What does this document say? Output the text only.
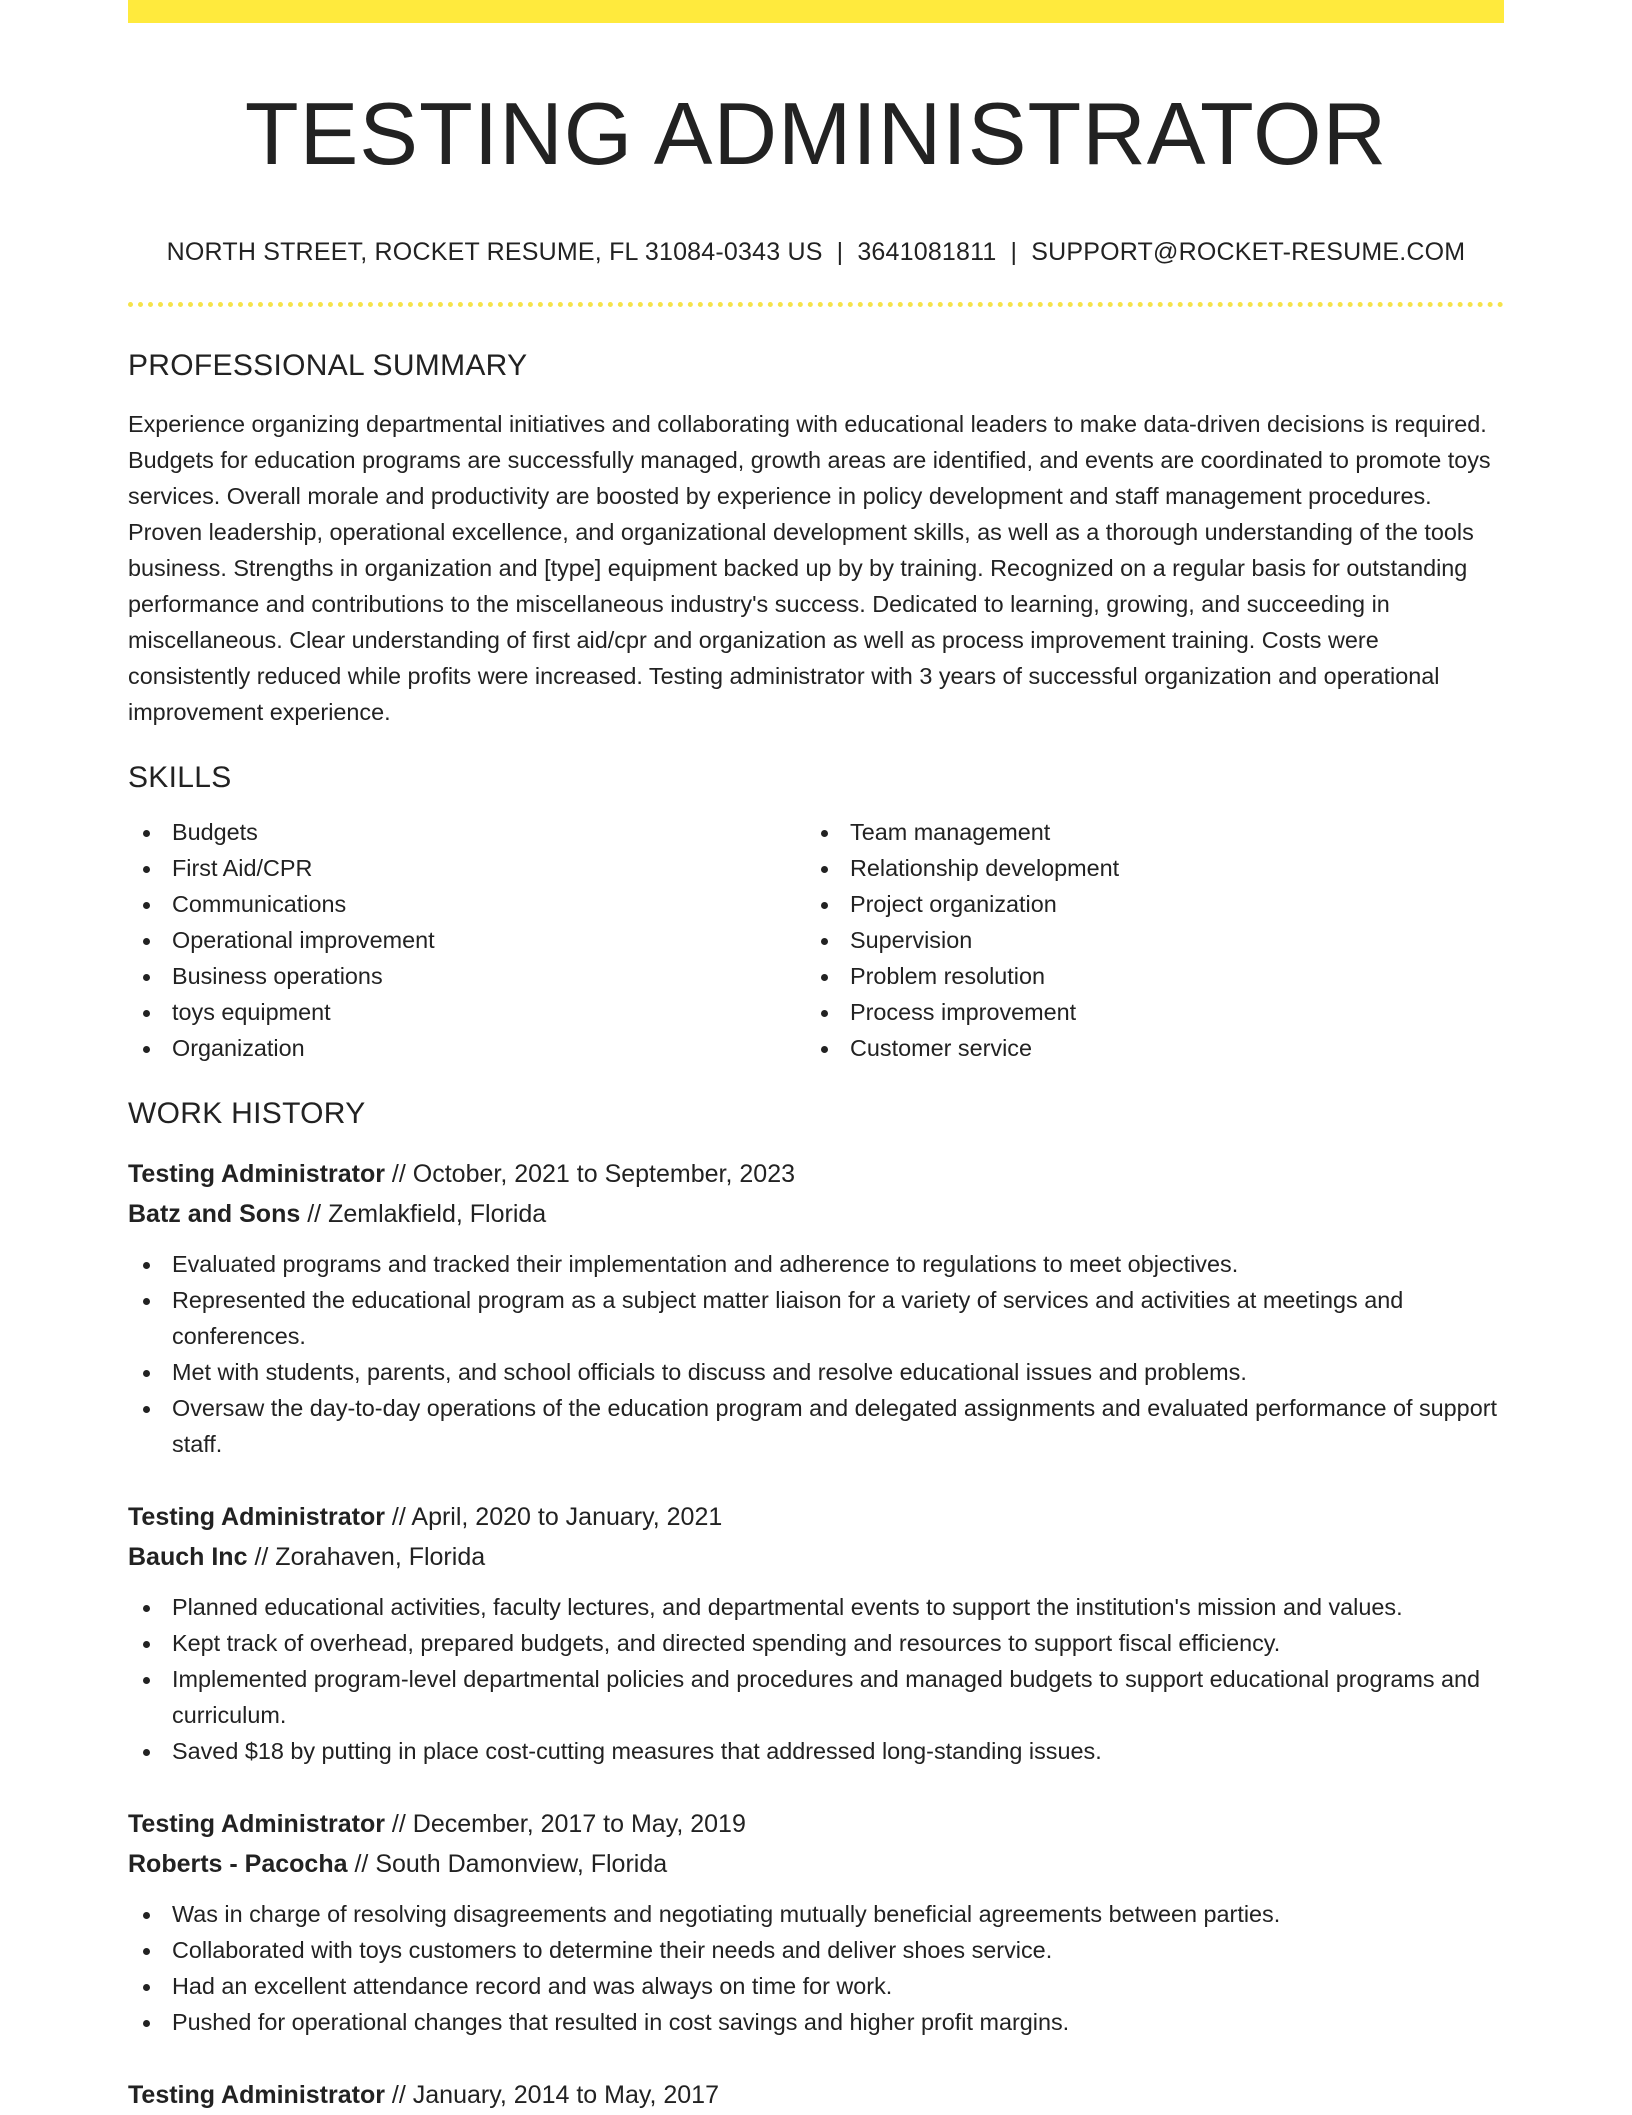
TESTING ADMINISTRATOR
NORTH STREET, ROCKET RESUME, FL 31084-0343 US | 3641081811 | SUPPORT@ROCKET-RESUME.COM
PROFESSIONAL SUMMARY

Experience organizing departmental initiatives and collaborating with educational leaders to make data-driven decisions is required. Budgets for education programs are successfully managed, growth areas are identified, and events are coordinated to promote toys services. Overall morale and productivity are boosted by experience in policy development and staff management procedures. Proven leadership, operational excellence, and organizational development skills, as well as a thorough understanding of the tools business. Strengths in organization and [type] equipment backed up by by training. Recognized on a regular basis for outstanding performance and contributions to the miscellaneous industry's success. Dedicated to learning, growing, and succeeding in miscellaneous. Clear understanding of first aid/cpr and organization as well as process improvement training. Costs were consistently reduced while profits were increased. Testing administrator with 3 years of successful organization and operational improvement experience.

SKILLS
Budgets
First Aid/CPR
Communications
Operational improvement
Business operations
toys equipment
Organization
Team management
Relationship development
Project organization
Supervision
Problem resolution
Process improvement
Customer service
WORK HISTORY
Testing Administrator // October, 2021 to September, 2023
Batz and Sons // Zemlakfield, Florida
Evaluated programs and tracked their implementation and adherence to regulations to meet objectives.
Represented the educational program as a subject matter liaison for a variety of services and activities at meetings and conferences.
Met with students, parents, and school officials to discuss and resolve educational issues and problems.
Oversaw the day-to-day operations of the education program and delegated assignments and evaluated performance of support staff.
Testing Administrator // April, 2020 to January, 2021
Bauch Inc // Zorahaven, Florida
Planned educational activities, faculty lectures, and departmental events to support the institution's mission and values.
Kept track of overhead, prepared budgets, and directed spending and resources to support fiscal efficiency.
Implemented program-level departmental policies and procedures and managed budgets to support educational programs and curriculum.
Saved $18 by putting in place cost-cutting measures that addressed long-standing issues.
Testing Administrator // December, 2017 to May, 2019
Roberts - Pacocha // South Damonview, Florida
Was in charge of resolving disagreements and negotiating mutually beneficial agreements between parties.
Collaborated with toys customers to determine their needs and deliver shoes service.
Had an excellent attendance record and was always on time for work.
Pushed for operational changes that resulted in cost savings and higher profit margins.
Testing Administrator // January, 2014 to May, 2017
